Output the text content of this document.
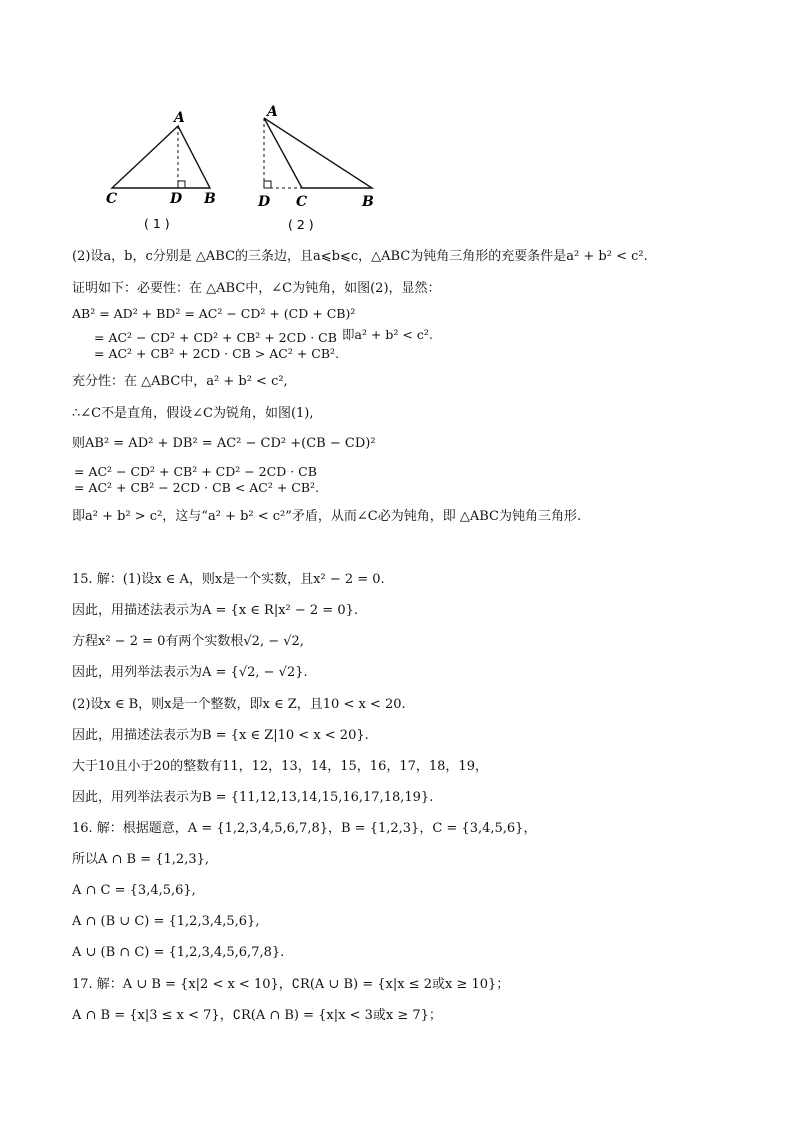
A
C	D B
( 1 )
A
D C	B
( 2 )
(2)设a，b，c分别是 △ABC的三条边，且a⩽b⩽c，△ABC为钝角三角形的充要条件是a² + b² < c².
证明如下：必要性：在 △ABC中，∠C为钝角，如图(2)，显然：
AB² = AD² + BD² = AC² − CD² + (CD + CB)²
= AC² − CD² + CD² + CB² + 2CD · CB 即a² + b² < c².
= AC² + CB² + 2CD · CB > AC² + CB².
充分性：在 △ABC中，a² + b² < c²,
∴∠C不是直角，假设∠C为锐角，如图(1),
则AB² = AD² + DB² = AC² − CD² +(CB − CD)²
= AC² − CD² + CB² + CD² − 2CD · CB
= AC² + CB² − 2CD · CB < AC² + CB².
即a² + b² > c²，这与“a² + b² < c²”矛盾，从而∠C必为钝角，即 △ABC为钝角三角形.
15. 解：(1)设x ∈ A，则x是一个实数，且x² − 2 = 0.
因此，用描述法表示为A = {x ∈ R|x² − 2 = 0}.
方程x² − 2 = 0有两个实数根√2, − √2,
因此，用列举法表示为A = {√2, − √2}.
(2)设x ∈ B，则x是一个整数，即x ∈ Z，且10 < x < 20.
因此，用描述法表示为B = {x ∈ Z|10 < x < 20}.
大于10且小于20的整数有11，12，13，14，15，16，17，18，19，
因此，用列举法表示为B = {11,12,13,14,15,16,17,18,19}.
16. 解：根据题意，A = {1,2,3,4,5,6,7,8}，B = {1,2,3}，C = {3,4,5,6}，
所以A ∩ B = {1,2,3},
A ∩ C = {3,4,5,6},
A ∩ (B ∪ C) = {1,2,3,4,5,6},
A ∪ (B ∩ C) = {1,2,3,4,5,6,7,8}.
17. 解：A ∪ B = {x|2 < x < 10}，∁R(A ∪ B) = {x|x ≤ 2或x ≥ 10}；
A ∩ B = {x|3 ≤ x < 7}，∁R(A ∩ B) = {x|x < 3或x ≥ 7}；
